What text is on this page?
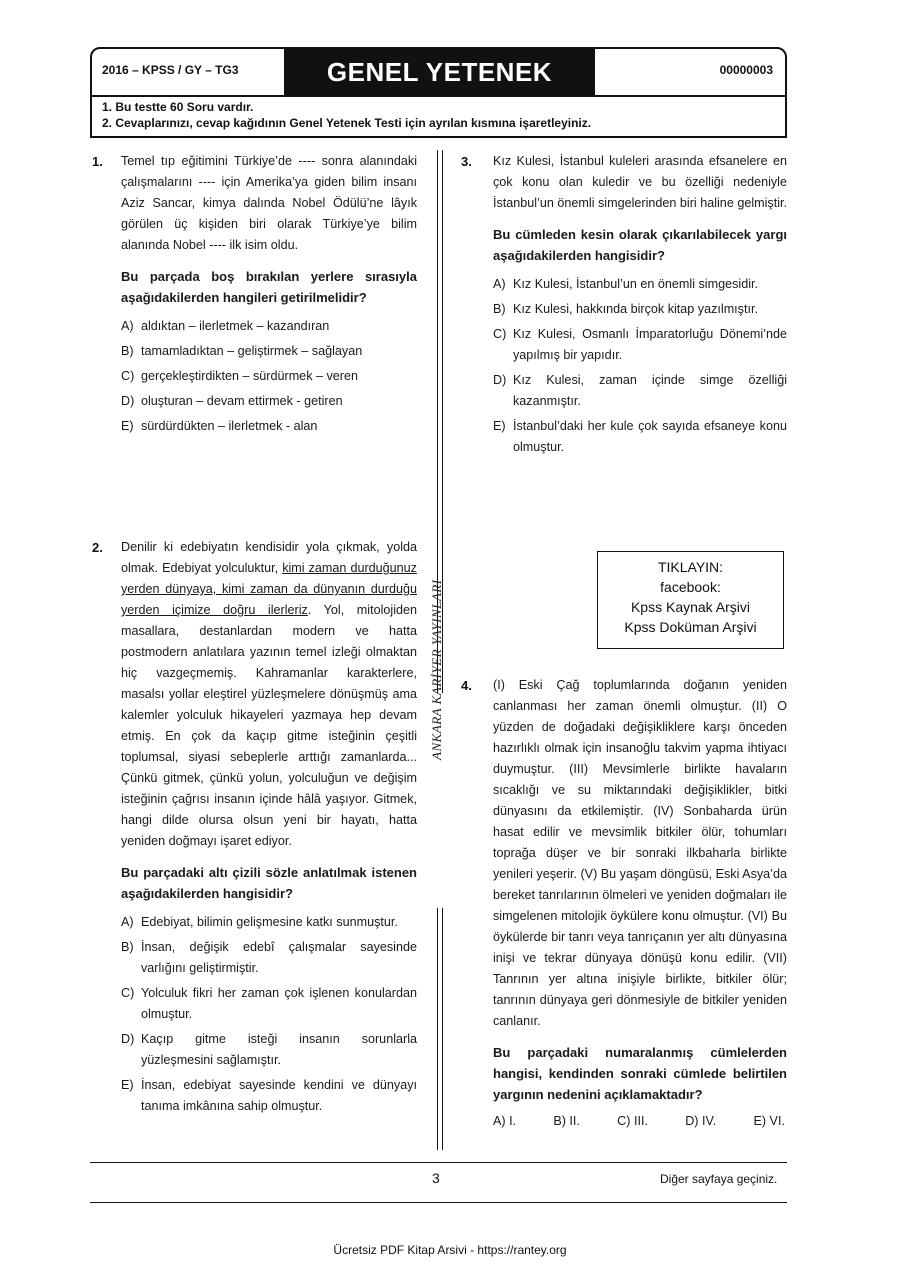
2016 – KPSS / GY – TG3	GENEL YETENEK	00000003
1. Bu testte 60 Soru vardır.
2. Cevaplarınızı, cevap kağıdının Genel Yetenek Testi için ayrılan kısmına işaretleyiniz.
1. Temel tıp eğitimini Türkiye’de ---- sonra alanındaki çalışmalarını ---- için Amerika’ya giden bilim insanı Aziz Sancar, kimya dalında Nobel Ödülü’ne lâyık görülen üç kişiden biri olarak Türkiye’ye bilim alanında Nobel ---- ilk isim oldu.

Bu parçada boş bırakılan yerlere sırasıyla aşağıdakilerden hangileri getirilmelidir?

A) aldıktan – ilerletmek – kazandıran
B) tamamladıktan – geliştirmek – sağlayan
C) gerçekleştirdikten – sürdürmek – veren
D) oluşturan – devam ettirmek - getiren
E) sürdürdükten – ilerletmek - alan
2. Denilir ki edebiyatın kendisidir yola çıkmak, yolda olmak. Edebiyat yolculuktur, kimi zaman durduğunuz yerden dünyaya, kimi zaman da dünyanın durduğu yerden içimize doğru ilerleriz. Yol, mitolojiden masallara, destanlardan modern ve hatta postmodern anlatılara yazının temel izleği olmaktan hiç vazgeçmemiş. Kahramanlar karakterlere, masalsı yollar eleştirel yüzleşmelere dönüşmüş ama kalemler yolculuk hikayeleri yazmaya hep devam etmiş. En çok da kaçıp gitme isteğinin çeşitli toplumsal, siyasi sebeplerle arttığı zamanlarda... Çünkü gitmek, çünkü yolun, yolculuğun ve değişim isteğinin çağrısı insanın içinde hâlâ yaşıyor. Gitmek, hangi dilde olursa olsun yeni bir hayatı, hatta yeniden doğmayı işaret ediyor.

Bu parçadaki altı çizili sözle anlatılmak istenen aşağıdakilerden hangisidir?

A) Edebiyat, bilimin gelişmesine katkı sunmuştur.
B) İnsan, değişik edebî çalışmalar sayesinde varlığını geliştirmiştir.
C) Yolculuk fikri her zaman çok işlenen konulardan olmuştur.
D) Kaçıp gitme isteği insanın sorunlarla yüzleşmesini sağlamıştır.
E) İnsan, edebiyat sayesinde kendini ve dünyayı tanıma imkânına sahip olmuştur.
ANKARA KARİYER YAYINLARI
3. Kız Kulesi, İstanbul kuleleri arasında efsanelere en çok konu olan kuledir ve bu özelliği nedeniyle İstanbul’un önemli simgelerinden biri haline gelmiştir.

Bu cümleden kesin olarak çıkarılabilecek yargı aşağıdakilerden hangisidir?

A) Kız Kulesi, İstanbul’un en önemli simgesidir.
B) Kız Kulesi, hakkında birçok kitap yazılmıştır.
C) Kız Kulesi, Osmanlı İmparatorluğu Dönemi’nde yapılmış bir yapıdır.
D) Kız Kulesi, zaman içinde simge özelliği kazanmıştır.
E) İstanbul’daki her kule çok sayıda efsaneye konu olmuştur.
TIKLAYIN:
facebook:
Kpss Kaynak Arşivi
Kpss Doküman Arşivi
4. (I) Eski Çağ toplumlarında doğanın yeniden canlanması her zaman önemli olmuştur. (II) O yüzden de doğadaki değişikliklere karşı önceden hazırlıklı olmak için insanoğlu takvim yapma ihtiyacı duymuştur. (III) Mevsimlerle birlikte havaların sıcaklığı ve su miktarındaki değişiklikler, bitki dünyasını da etkilemiştir. (IV) Sonbaharda ürün hasat edilir ve mevsimlik bitkiler ölür, tohumları toprağa düşer ve bir sonraki ilkbaharla birlikte yenileri yeşerir. (V) Bu yaşam döngüsü, Eski Asya’da bereket tanrılarının ölmeleri ve yeniden doğmaları ile simgelenen mitolojik öykülere konu olmuştur. (VI) Bu öykülerde bir tanrı veya tanrıçanın yer altı dünyasına inişi ve tekrar dünyaya dönüşü konu edilir. (VII) Tanrının yer altına inişiyle birlikte, bitkiler ölür; tanrının dünyaya geri dönmesiyle de bitkiler yeniden canlanır.

Bu parçadaki numaralanmış cümlelerden hangisi, kendinden sonraki cümlede belirtilen yargının nedenini açıklamaktadır?

A) I.	B) II.	C) III.	D) IV.	E) VI.
3	Diğer sayfaya geçiniz.
Ücretsiz PDF Kitap Arsivi - https://rantey.org
